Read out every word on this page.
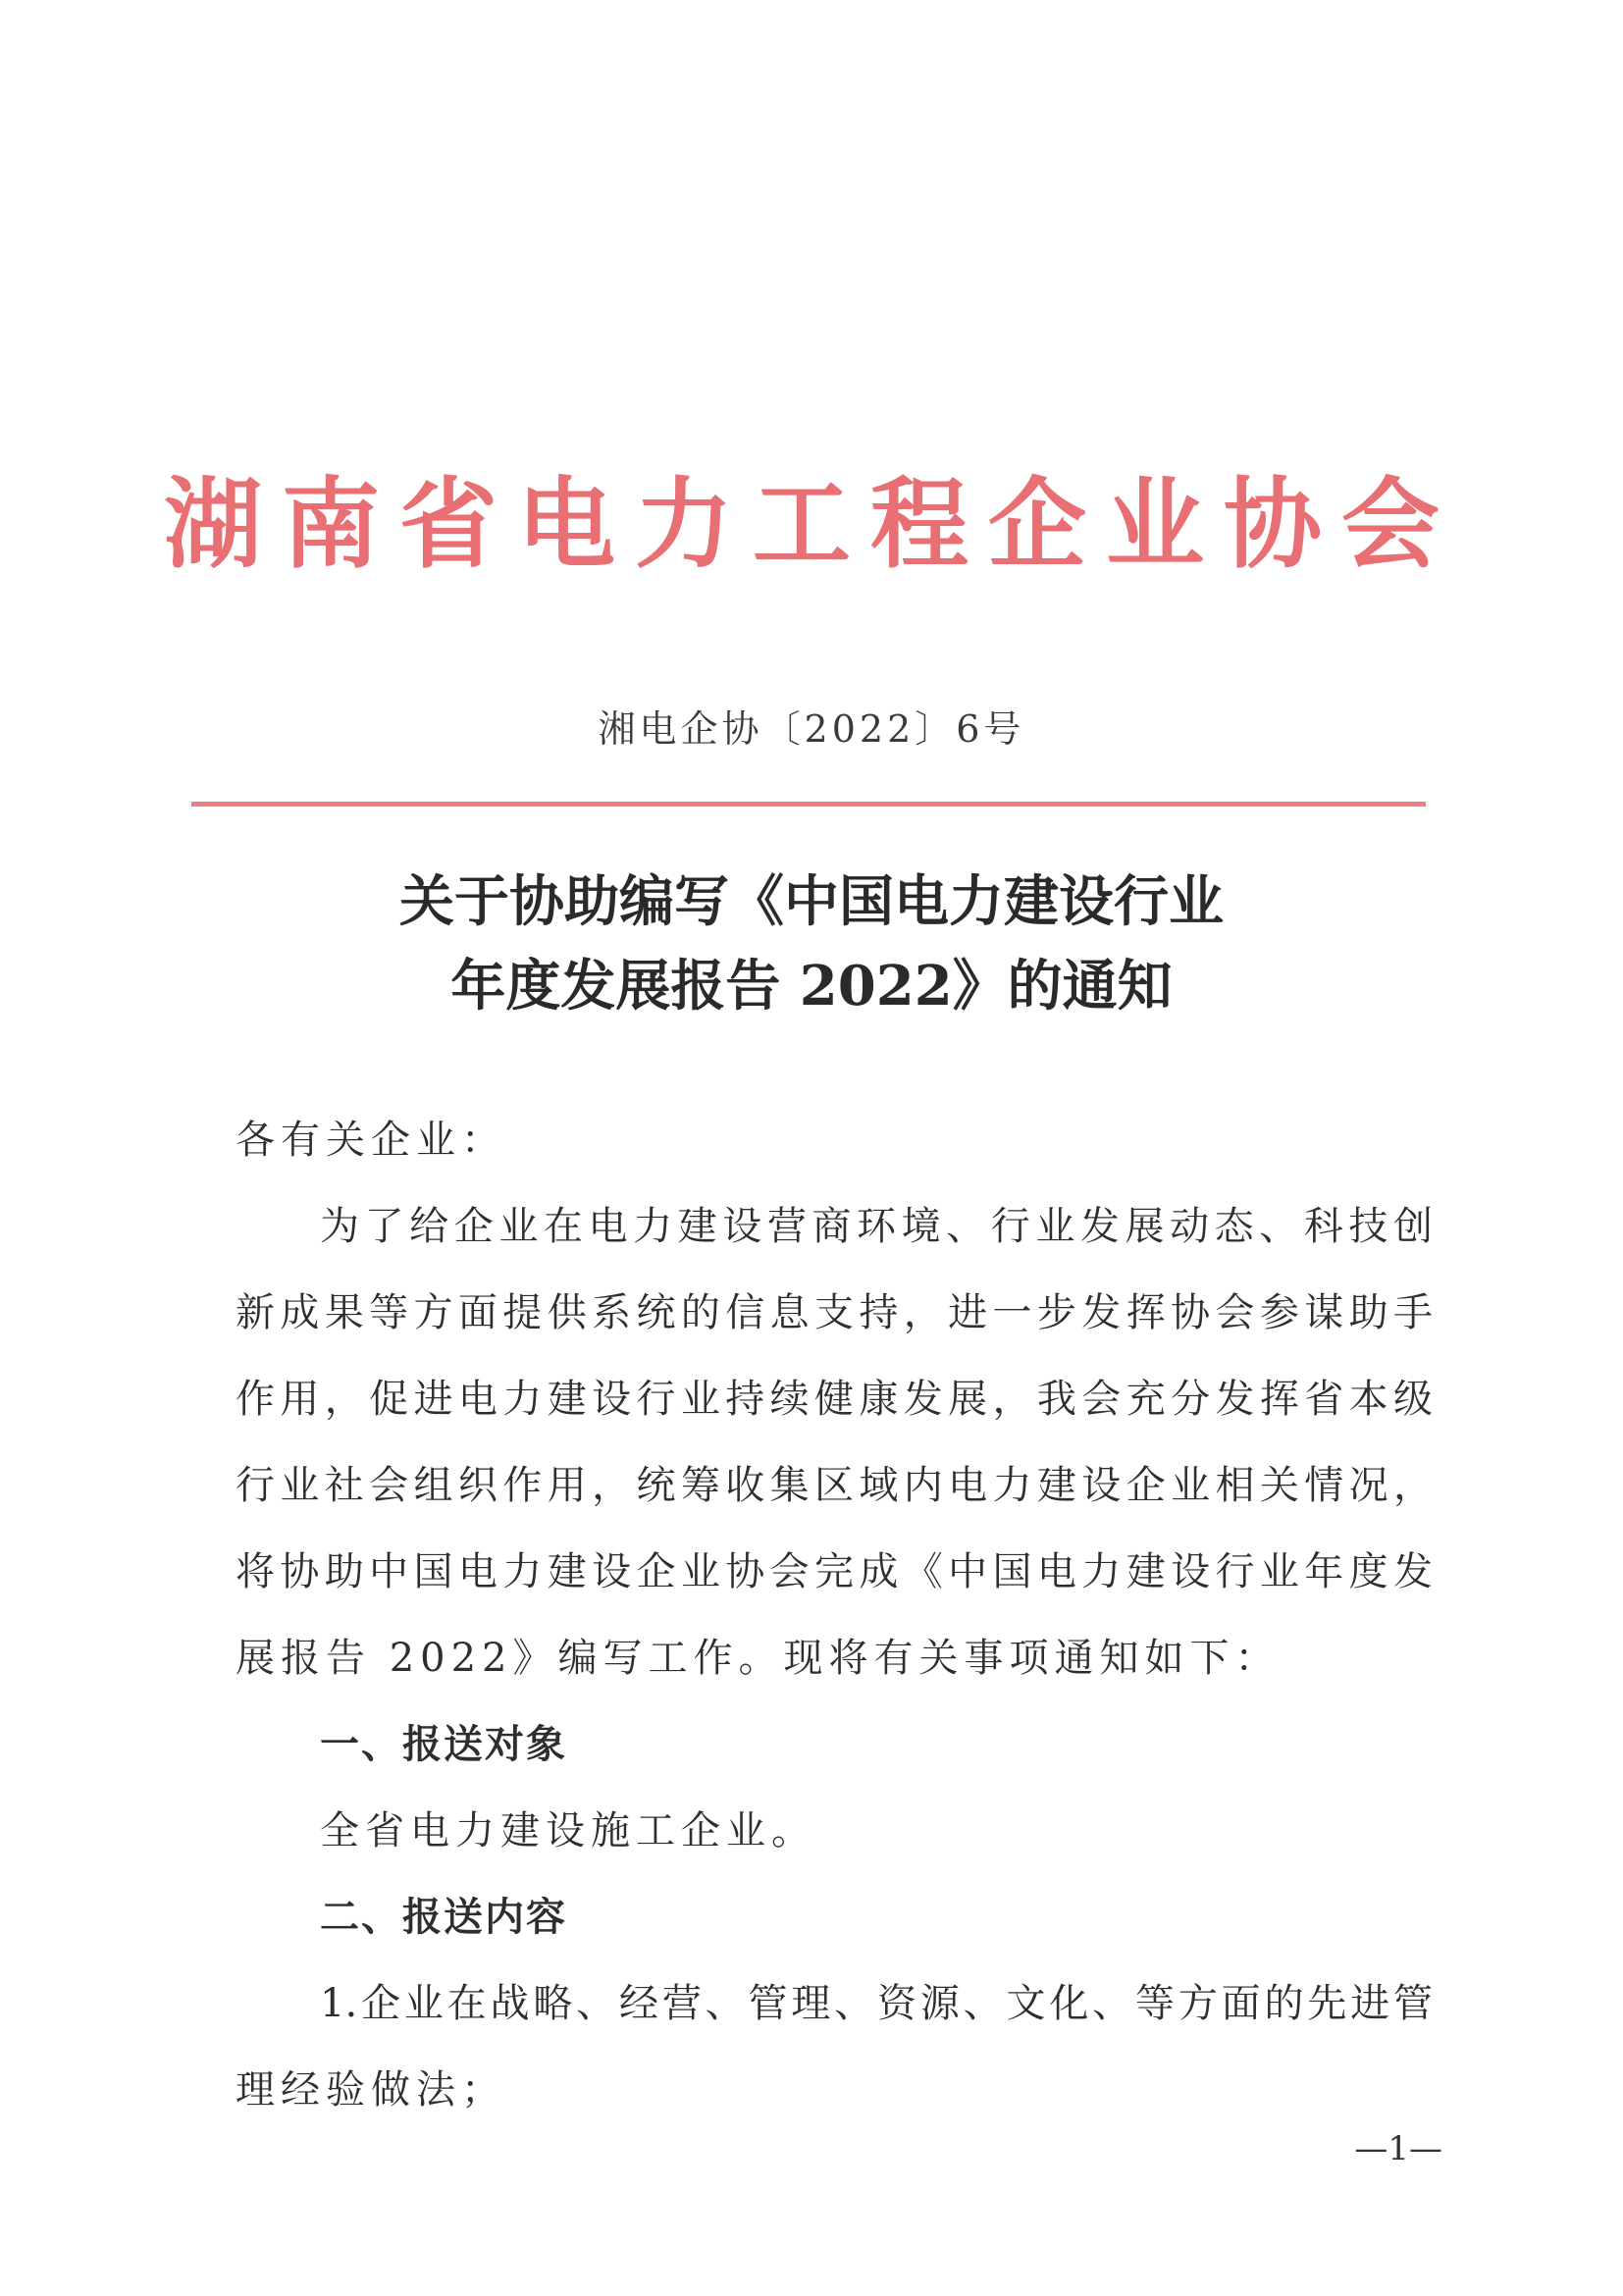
湖南省电力工程企业协会
湘电企协〔2022〕6号
关于协助编写《中国电力建设行业
年度发展报告 2022》的通知
各有关企业：
为了给企业在电力建设营商环境、行业发展动态、科技创
新成果等方面提供系统的信息支持，进一步发挥协会参谋助手
作用，促进电力建设行业持续健康发展，我会充分发挥省本级
行业社会组织作用，统筹收集区域内电力建设企业相关情况，
将协助中国电力建设企业协会完成《中国电力建设行业年度发
展报告 2022》编写工作。现将有关事项通知如下：
一、报送对象
全省电力建设施工企业。
二、报送内容
1.企业在战略、经营、管理、资源、文化、等方面的先进管
理经验做法；
—1—
